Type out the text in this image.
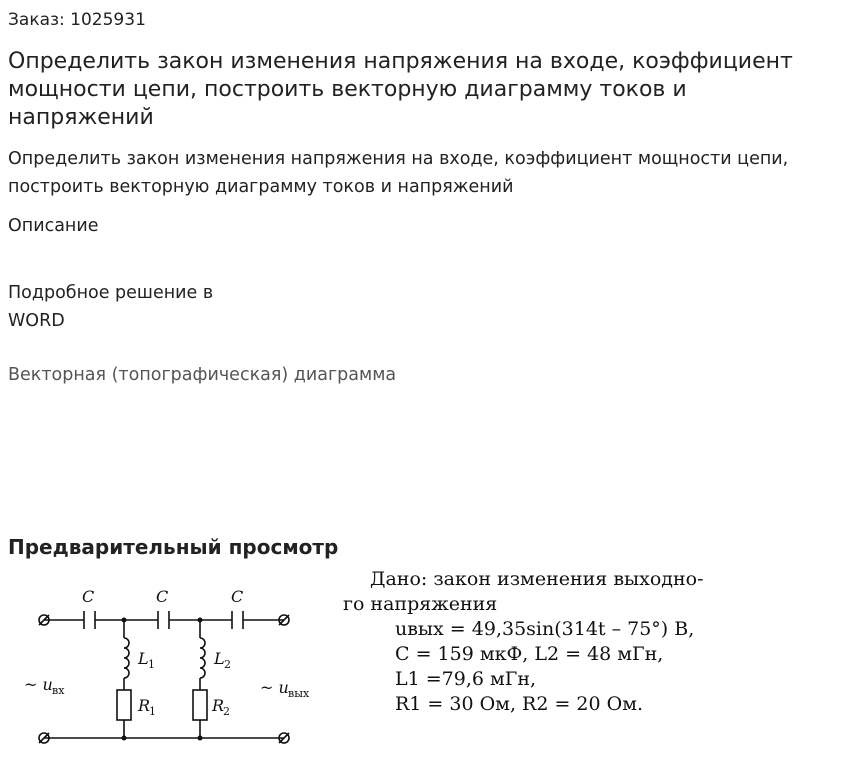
Заказ: 1025931
Определить закон изменения напряжения на входе, коэффициент мощности цепи, построить векторную диаграмму токов и напряжений
Определить закон изменения напряжения на входе, коэффициент мощности цепи, построить векторную диаграмму токов и напряжений
Описание
Подробное решение в
WORD
Векторная (топографическая) диаграмма
Предварительный просмотр
C	C	C
L 1	L 2
R
1	R
2
~ u вх	~ u вых
Дано: закон изменения выходно-
го напряжения
uвых = 49,35sin(314t – 75°) В,
C = 159 мкФ, L2 = 48 мГн,
L1 =79,6 мГн,
R1 = 30 Ом, R2 = 20 Ом.
